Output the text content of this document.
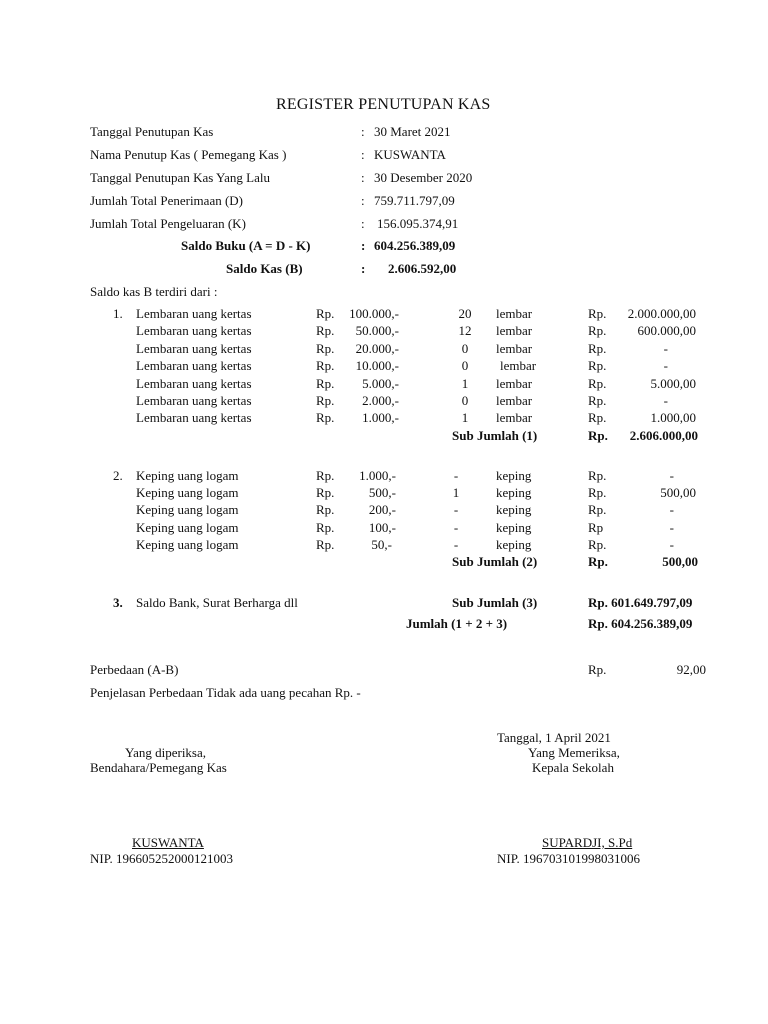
REGISTER PENUTUPAN KAS
Tanggal Penutupan Kas	: 30 Maret 2021
Nama Penutup Kas ( Pemegang Kas )	: KUSWANTA
Tanggal Penutupan Kas Yang Lalu	: 30 Desember 2020
Jumlah Total Penerimaan (D)	: 759.711.797,09
Jumlah Total Pengeluaran (K)	: 156.095.374,91
Saldo Buku (A = D - K)	: 604.256.389,09
Saldo Kas (B)	: 2.606.592,00
Saldo kas B terdiri dari :
1. Lembaran uang kertas	Rp.	100.000,-	20	lembar	Rp.	2.000.000,00
Lembaran uang kertas	Rp.	50.000,-	12	lembar	Rp.	600.000,00
Lembaran uang kertas	Rp.	20.000,-	0	lembar	Rp.	-
Lembaran uang kertas	Rp.	10.000,-	0	lembar	Rp.	-
Lembaran uang kertas	Rp.	5.000,-	1	lembar	Rp.	5.000,00
Lembaran uang kertas	Rp.	2.000,-	0	lembar	Rp.	-
Lembaran uang kertas	Rp.	1.000,-	1	lembar	Rp.	1.000,00
Sub Jumlah (1)	Rp.	2.606.000,00
2. Keping uang logam	Rp.	1.000,-	-	keping	Rp.	-
Keping uang logam	Rp.	500,-	1	keping	Rp.	500,00
Keping uang logam	Rp.	200,-	-	keping	Rp.	-
Keping uang logam	Rp.	100,-	-	keping	Rp	-
Keping uang logam	Rp.	50,-	-	keping	Rp.	-
Sub Jumlah (2)	Rp.	500,00
3. Saldo Bank, Surat Berharga dll	Sub Jumlah (3)	Rp. 601.649.797,09
Jumlah (1 + 2 + 3)	Rp. 604.256.389,09
Perbedaan (A-B)	Rp.	92,00
Penjelasan Perbedaan Tidak ada uang pecahan Rp. -
Tanggal, 1 April 2021
Yang diperiksa,
Bendahara/Pemegang Kas
Yang Memeriksa,
Kepala Sekolah
KUSWANTA
NIP. 196605252000121003
SUPARDJI, S.Pd
NIP. 196703101998031006
